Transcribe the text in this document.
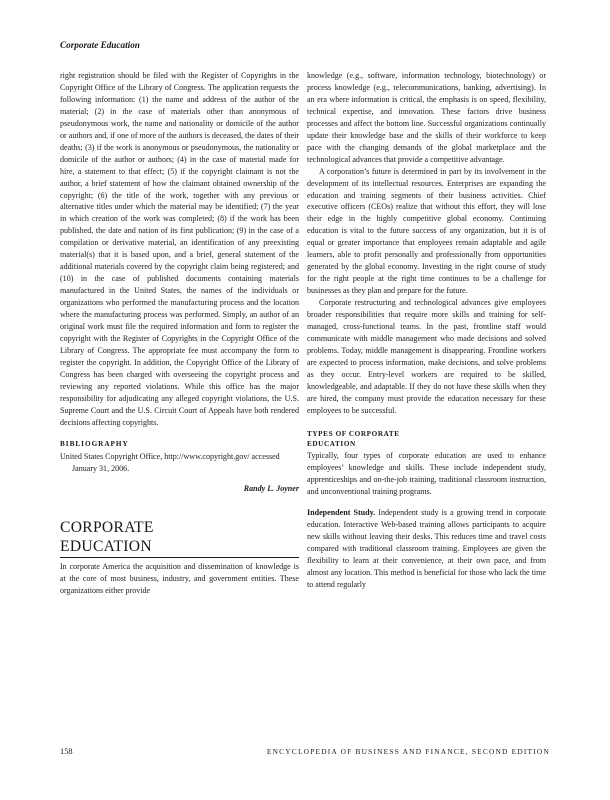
Corporate Education

right registration should be filed with the Register of Copyrights in the Copyright Office of the Library of Congress. The application requests the following information: (1) the name and address of the author of the material; (2) in the case of materials other than anonymous of pseudonymous work, the name and nationality or domicile of the author or authors and, if one of more of the authors is deceased, the dates of their deaths; (3) if the work is anonymous or pseudonymous, the nationality or domicile of the author or authors; (4) in the case of material made for hire, a statement to that effect; (5) if the copyright claimant is not the author, a brief statement of how the claimant obtained ownership of the copyright; (6) the title of the work, together with any previous or alternative titles under which the material may be identified; (7) the year in which creation of the work was completed; (8) if the work has been published, the date and nation of its first publication; (9) in the case of a compilation or derivative material, an identification of any preexisting material(s) that it is based upon, and a brief, general statement of the additional materials covered by the copyright claim being registered; and (10) in the case of published documents containing materials manufactured in the United States, the names of the individuals or organizations who performed the manufacturing process and the location where the manufacturing process was performed. Simply, an author of an original work must file the required information and form to register the copyright with the Register of Copyrights in the Copyright Office of the Library of Congress. The appropriate fee must accompany the form to register the copyright. In addition, the Copyright Office of the Library of Congress has been charged with overseeing the copyright process and reviewing any reported violations. While this office has the major responsibility for adjudicating any alleged copyright violations, the U.S. Supreme Court and the U.S. Circuit Court of Appeals have both rendered decisions affecting copyrights.

BIBLIOGRAPHY

United States Copyright Office, http://www.copyright.gov/ accessed January 31, 2006.

Randy L. Joyner

CORPORATE
EDUCATION

In corporate America the acquisition and dissemination of knowledge is at the core of most business, industry, and government entities. These organizations either provide

knowledge (e.g., software, information technology, biotechnology) or process knowledge (e.g., telecommunications, banking, advertising). In an era where information is critical, the emphasis is on speed, flexibility, technical expertise, and innovation. These factors drive business processes and affect the bottom line. Successful organizations continually update their knowledge base and the skills of their workforce to keep pace with the changing demands of the global marketplace and the technological advances that provide a competitive advantage.

A corporation’s future is determined in part by its involvement in the development of its intellectual resources. Enterprises are expanding the education and training segments of their business activities. Chief executive officers (CEOs) realize that without this effort, they will lose their edge in the highly competitive global economy. Continuing education is vital to the future success of any organization, but it is of equal or greater importance that employees remain adaptable and agile learners, able to profit personally and professionally from opportunities generated by the global economy. Investing in the right course of study for the right people at the right time continues to be a challenge for businesses as they plan and prepare for the future.

Corporate restructuring and technological advances give employees broader responsibilities that require more skills and training for self-managed, cross-functional teams. In the past, frontline staff would communicate with middle management who made decisions and solved problems. Today, middle management is disappearing. Frontline workers are expected to process information, make decisions, and solve problems as they occur. Entry-level workers are required to be skilled, knowledgeable, and adaptable. If they do not have these skills when they are hired, the company must provide the education necessary for these employees to be successful.

TYPES OF CORPORATE
EDUCATION

Typically, four types of corporate education are used to enhance employees’ knowledge and skills. These include independent study, apprenticeships and on-the-job training, traditional classroom instruction, and unconventional training programs.

Independent Study. Independent study is a growing trend in corporate education. Interactive Web-based training allows participants to acquire new skills without leaving their desks. This reduces time and travel costs compared with traditional classroom training. Employees are given the flexibility to learn at their convenience, at their own pace, and from almost any location. This method is beneficial for those who lack the time to attend regularly

158	ENCYCLOPEDIA OF BUSINESS AND FINANCE, SECOND EDITION
